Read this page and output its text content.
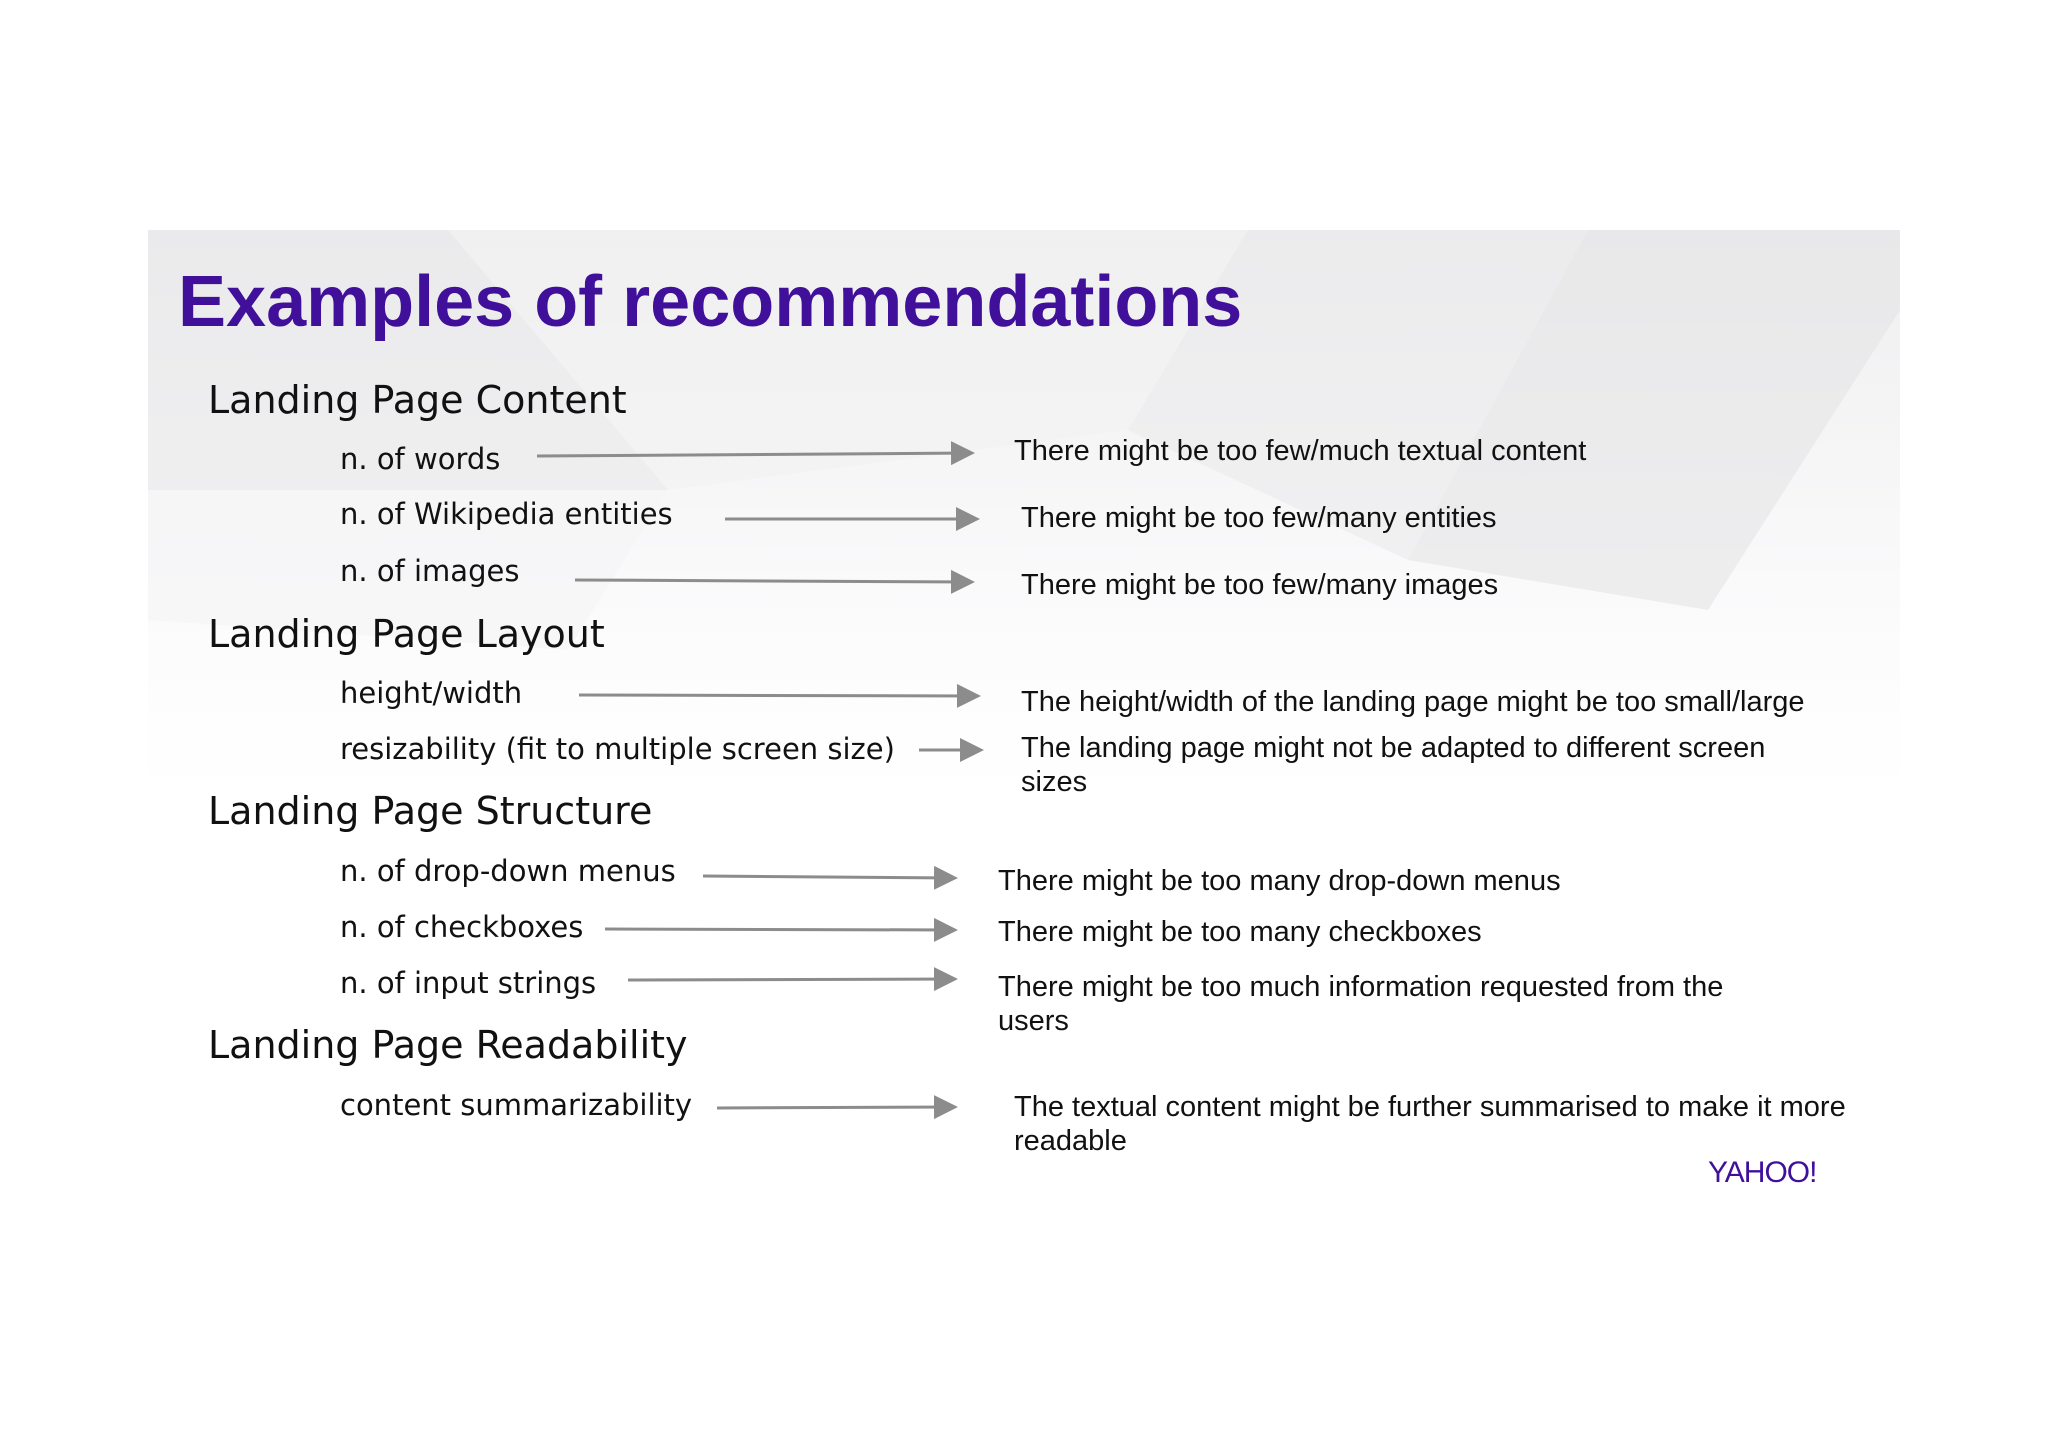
Examples of recommendations
Landing Page Content
n. of words
n. of Wikipedia entities
n. of images
There might be too few/much textual content
There might be too few/many entities
There might be too few/many images
Landing Page Layout
height/width
resizability (fit to multiple screen size)
The height/width of the landing page might be too small/large
The landing page might not be adapted to different screen sizes
Landing Page Structure
n. of drop-down menus
n. of checkboxes
n. of input strings
There might be too many drop-down menus
There might be too many checkboxes
There might be too much information requested from the users
Landing Page Readability
content summarizability	The textual content might be further summarised to make it more readable
YAHOO!
